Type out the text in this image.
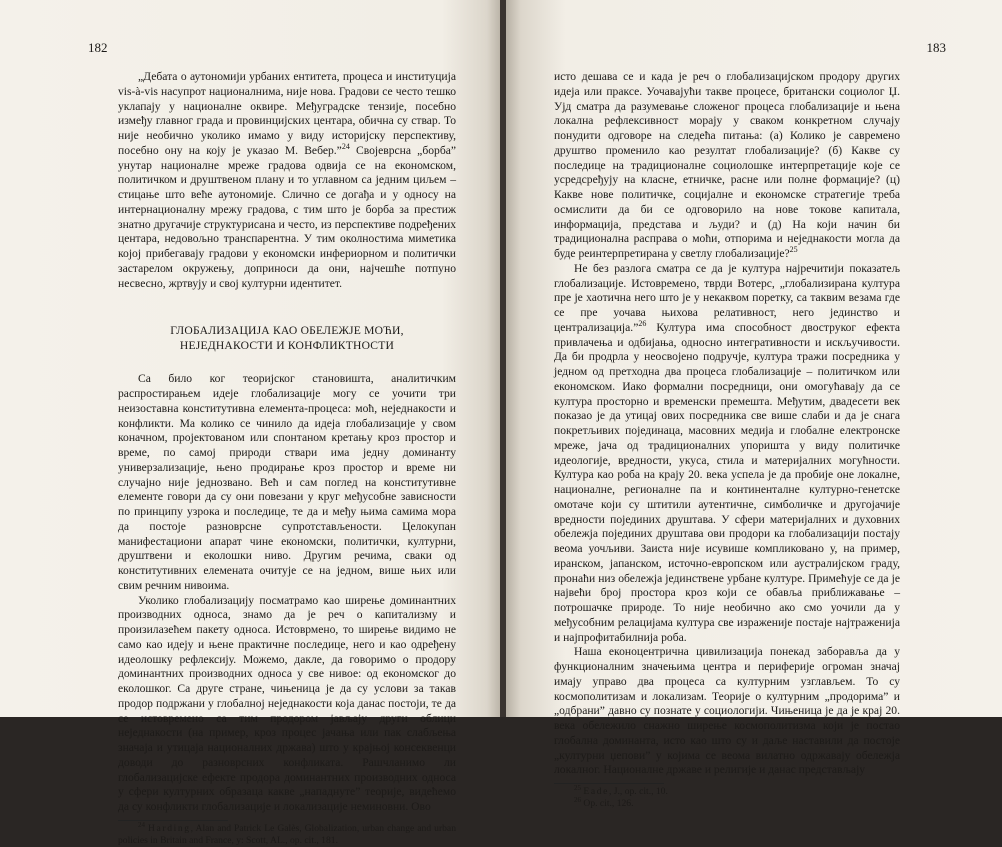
182

„Дебата о аутономији урбаних ентитета, процеса и институција vis-à-vis насупрот националнима, није нова. Градови се често тешко уклапају у националне оквире. Међуградске тензије, посебно између главног града и провинцијских центара, обична су ствар. То није необично уколико имамо у виду историјску перспективу, посебно ону на коју је указао М. Вебер.”$^{24}$ Својеврсна „борба” унутар националне мреже градова одвија се на економском, политичком и друштвеном плану и то углавном са једним циљем – стицање што веће аутономије. Слично се догађа и у односу на интернационалну мрежу градова, с тим што је борба за престиж знатно другачије структурисана и често, из перспективе подређених центара, недовољно транспарентна. У тим околностима миметика којој прибегавају градови у економски инфериорном и политички застарелом окружењу, доприноси да они, најчешће потпуно несвесно, жртвују и свој културни идентитет.

ГЛОБАЛИЗАЦИЈА КАО ОБЕЛЕЖЈЕ МОЋИ,
НЕЈЕДНАКОСТИ И КОНФЛИКТНОСТИ

Са било ког теоријског становишта, аналитичким распростирањем идеје глобализације могу се уочити три неизоставна конститутивна елемента-процеса: моћ, неједнакости и конфликти. Ма колико се чинило да идеја глобализације у свом коначном, пројектованом или спонтаном кретању кроз простор и време, по самој природи ствари има једну доминанту универзализације, њено продирање кроз простор и време ни случајно није једнозвано. Већ и сам поглед на конститутивне елементе говори да су они повезани у круг међусобне зависности по принципу узрока и последице, те да и међу њима самима мора да постоје разноврсне супротстављености. Целокупан манифестациони апарат чине економски, политички, културни, друштвени и еколошки ниво. Другим речима, сваки од конститутивних елемената очитује се на једном, више њих или свим речним нивоима.

Уколико глобализацију посматрамо као ширење доминантних производних односа, знамо да је реч о капитализму и произилазећем пакету односа. Истоврмено, то ширење видимо не само као идеју и њене практичне последице, него и као одређену идеолошку рефлексију. Можемо, дакле, да говоримо о продору доминантних производних односа у све нивое: од економског до еколошког. Са друге стране, чињеница је да су услови за такав продор подржани у глобалној неједнакости која данас постоји, те да се истовремено са тим продором јављају други облици неједнакости (на пример, кроз процес јачања или пак слабљења значаја и утицаја националних држава) што у крајњој консеквенци доводи до разноврсних конфликата. Рашчланимо ли глобализацијске ефекте продора доминантних производних односа у сфери културних образаца какве „нападнуте” теорије, видећемо да су конфликти глобализације и локализације неминовни. Ово

$^{24}$ Harding, Alan and Patrick Le Galès, Globalization, urban change and urban policies in Britain and France, у: Scott, AL., op. cit., 181.

183

исто дешава се и када је реч о глобализацијском продору других идеја или праксе. Уочавајући такве процесе, британски социолог Џ. Ујд сматра да разумевање сложеног процеса глобализације и њена локална рефлексивност морају у сваком конкретном случају понудити одговоре на следећа питања: (а) Колико је савремено друштво променило као резултат глобализације? (б) Какве су последице на традиционалне социолошке интерпретације које се усредсређују на класне, етничке, расне или полне формације? (ц) Какве нове политичке, социјалне и економске стратегије треба осмислити да би се одговорило на нове токове капитала, информација, представа и људи? и (д) На који начин би традиционална расправа о моћи, отпорима и неједнакости могла да буде реинтерпретирана у светлу глобализације?$^{25}$

Не без разлога сматра се да је култура најречитији показатељ глобализације. Истовремено, тврди Вотерс, „глобализирана култура пре је хаотична него што је у некаквом поретку, са таквим везама где се пре уочава њихова релативност, него јединство и централизација.”$^{26}$ Култура има способност двоструког ефекта привлачења и одбијања, односно интегративности и искључивости. Да би продрла у неосвојено подручје, култура тражи посредника у једном од претходна два процеса глобализације – политичком или економском. Иако формални посредници, они омогућавају да се култура просторно и временски премешта. Међутим, двадесети век показао је да утицај ових посредника све више слаби и да је снага покретљивих појединаца, масовних медија и глобалне електронске мреже, јача од традиционалних упоришта у виду политичке идеологије, вредности, укуса, стила и материјалних могућности. Култура као роба на крају 20. века успела је да пробије оне локалне, националне, регионалне па и континенталне културно-генетске омотаче који су штитили аутентичне, симболичке и другојачије вредности појединих друштава. У сфери материјалних и духовних обележја појединих друштава ови продори ка глобализацији постају веома уочљиви. Заиста није исувише компликовано у, на пример, иранском, јапанском, источно-европском или аустралијском граду, пронаћи низ обележја јединствене урбане културе. Примећује се да је највећи број простора кроз који се обавља приближавање – потрошачке природе. То није необично ако смо уочили да у међусобним релацијама култура све израженије постаје најтраженија и најпрофитабилнија роба.

Наша еконоцентрична цивилизација понекад заборавља да у функционалним значењима центра и периферије огроман значај имају управо два процеса са културним узглављем. То су космополитизам и локализам. Теорије о културним „продорима” и „одбрани” давно су познате у социологији. Чињеница је да је крај 20. века обележило снажно ширење космополитизма који је постао глобална доминанта, исто као што су и даље наставили да постоје „културни џепови” у којима се веома вилатно одржавају обележја локалног. Националне државе и религије и данас представљају

$^{25}$ Eade, J., op. cit., 10.

$^{26}$ Op. cit., 126.
